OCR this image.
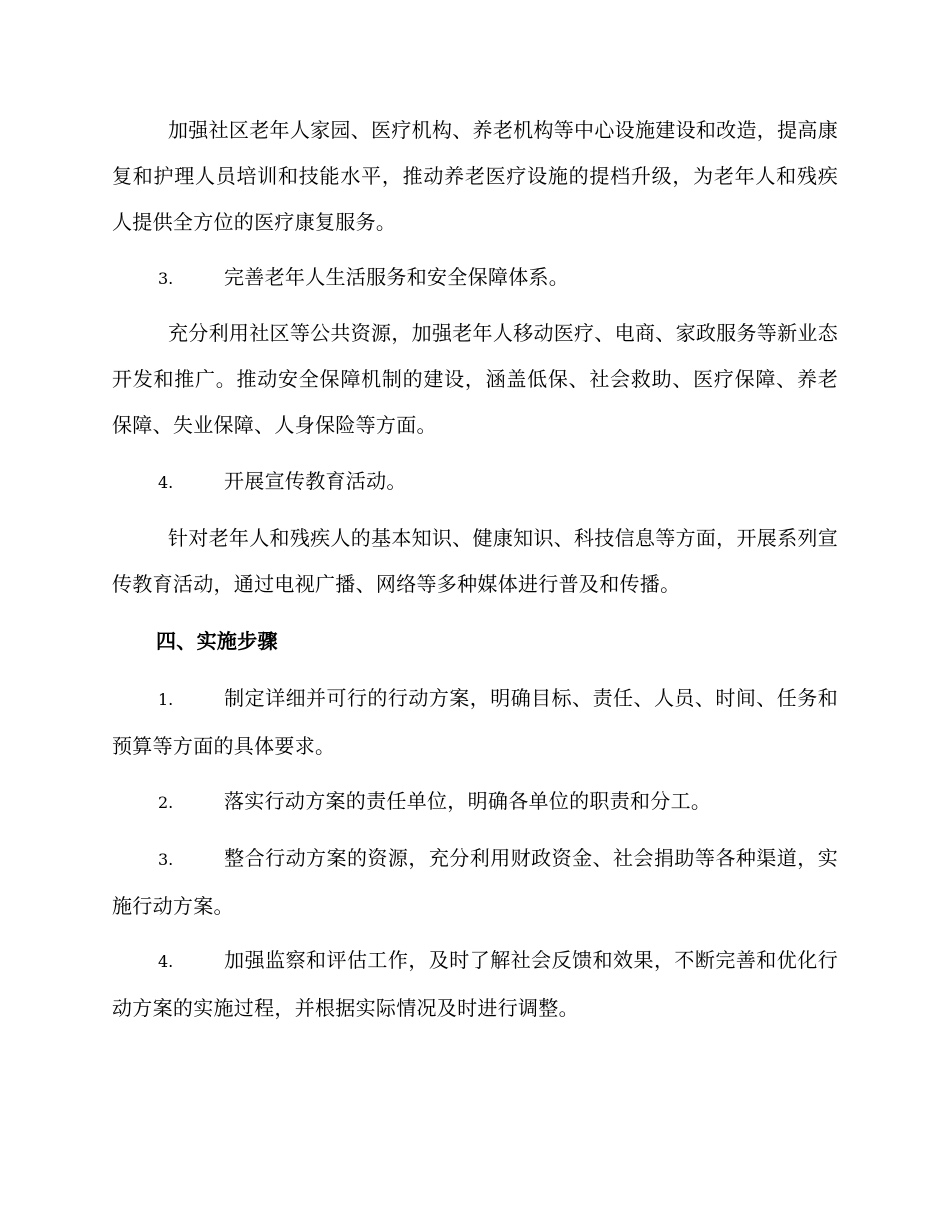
加强社区老年人家园、医疗机构、养老机构等中心设施建设和改造，提高康复和护理人员培训和技能水平，推动养老医疗设施的提档升级，为老年人和残疾人提供全方位的医疗康复服务。

3.	完善老年人生活服务和安全保障体系。

充分利用社区等公共资源，加强老年人移动医疗、电商、家政服务等新业态开发和推广。推动安全保障机制的建设，涵盖低保、社会救助、医疗保障、养老保障、失业保障、人身保险等方面。

4.	开展宣传教育活动。

针对老年人和残疾人的基本知识、健康知识、科技信息等方面，开展系列宣传教育活动，通过电视广播、网络等多种媒体进行普及和传播。

四、实施步骤

1.	制定详细并可行的行动方案，明确目标、责任、人员、时间、任务和预算等方面的具体要求。

2.	落实行动方案的责任单位，明确各单位的职责和分工。

3.	整合行动方案的资源，充分利用财政资金、社会捐助等各种渠道，实施行动方案。

4.	加强监察和评估工作，及时了解社会反馈和效果，不断完善和优化行动方案的实施过程，并根据实际情况及时进行调整。
